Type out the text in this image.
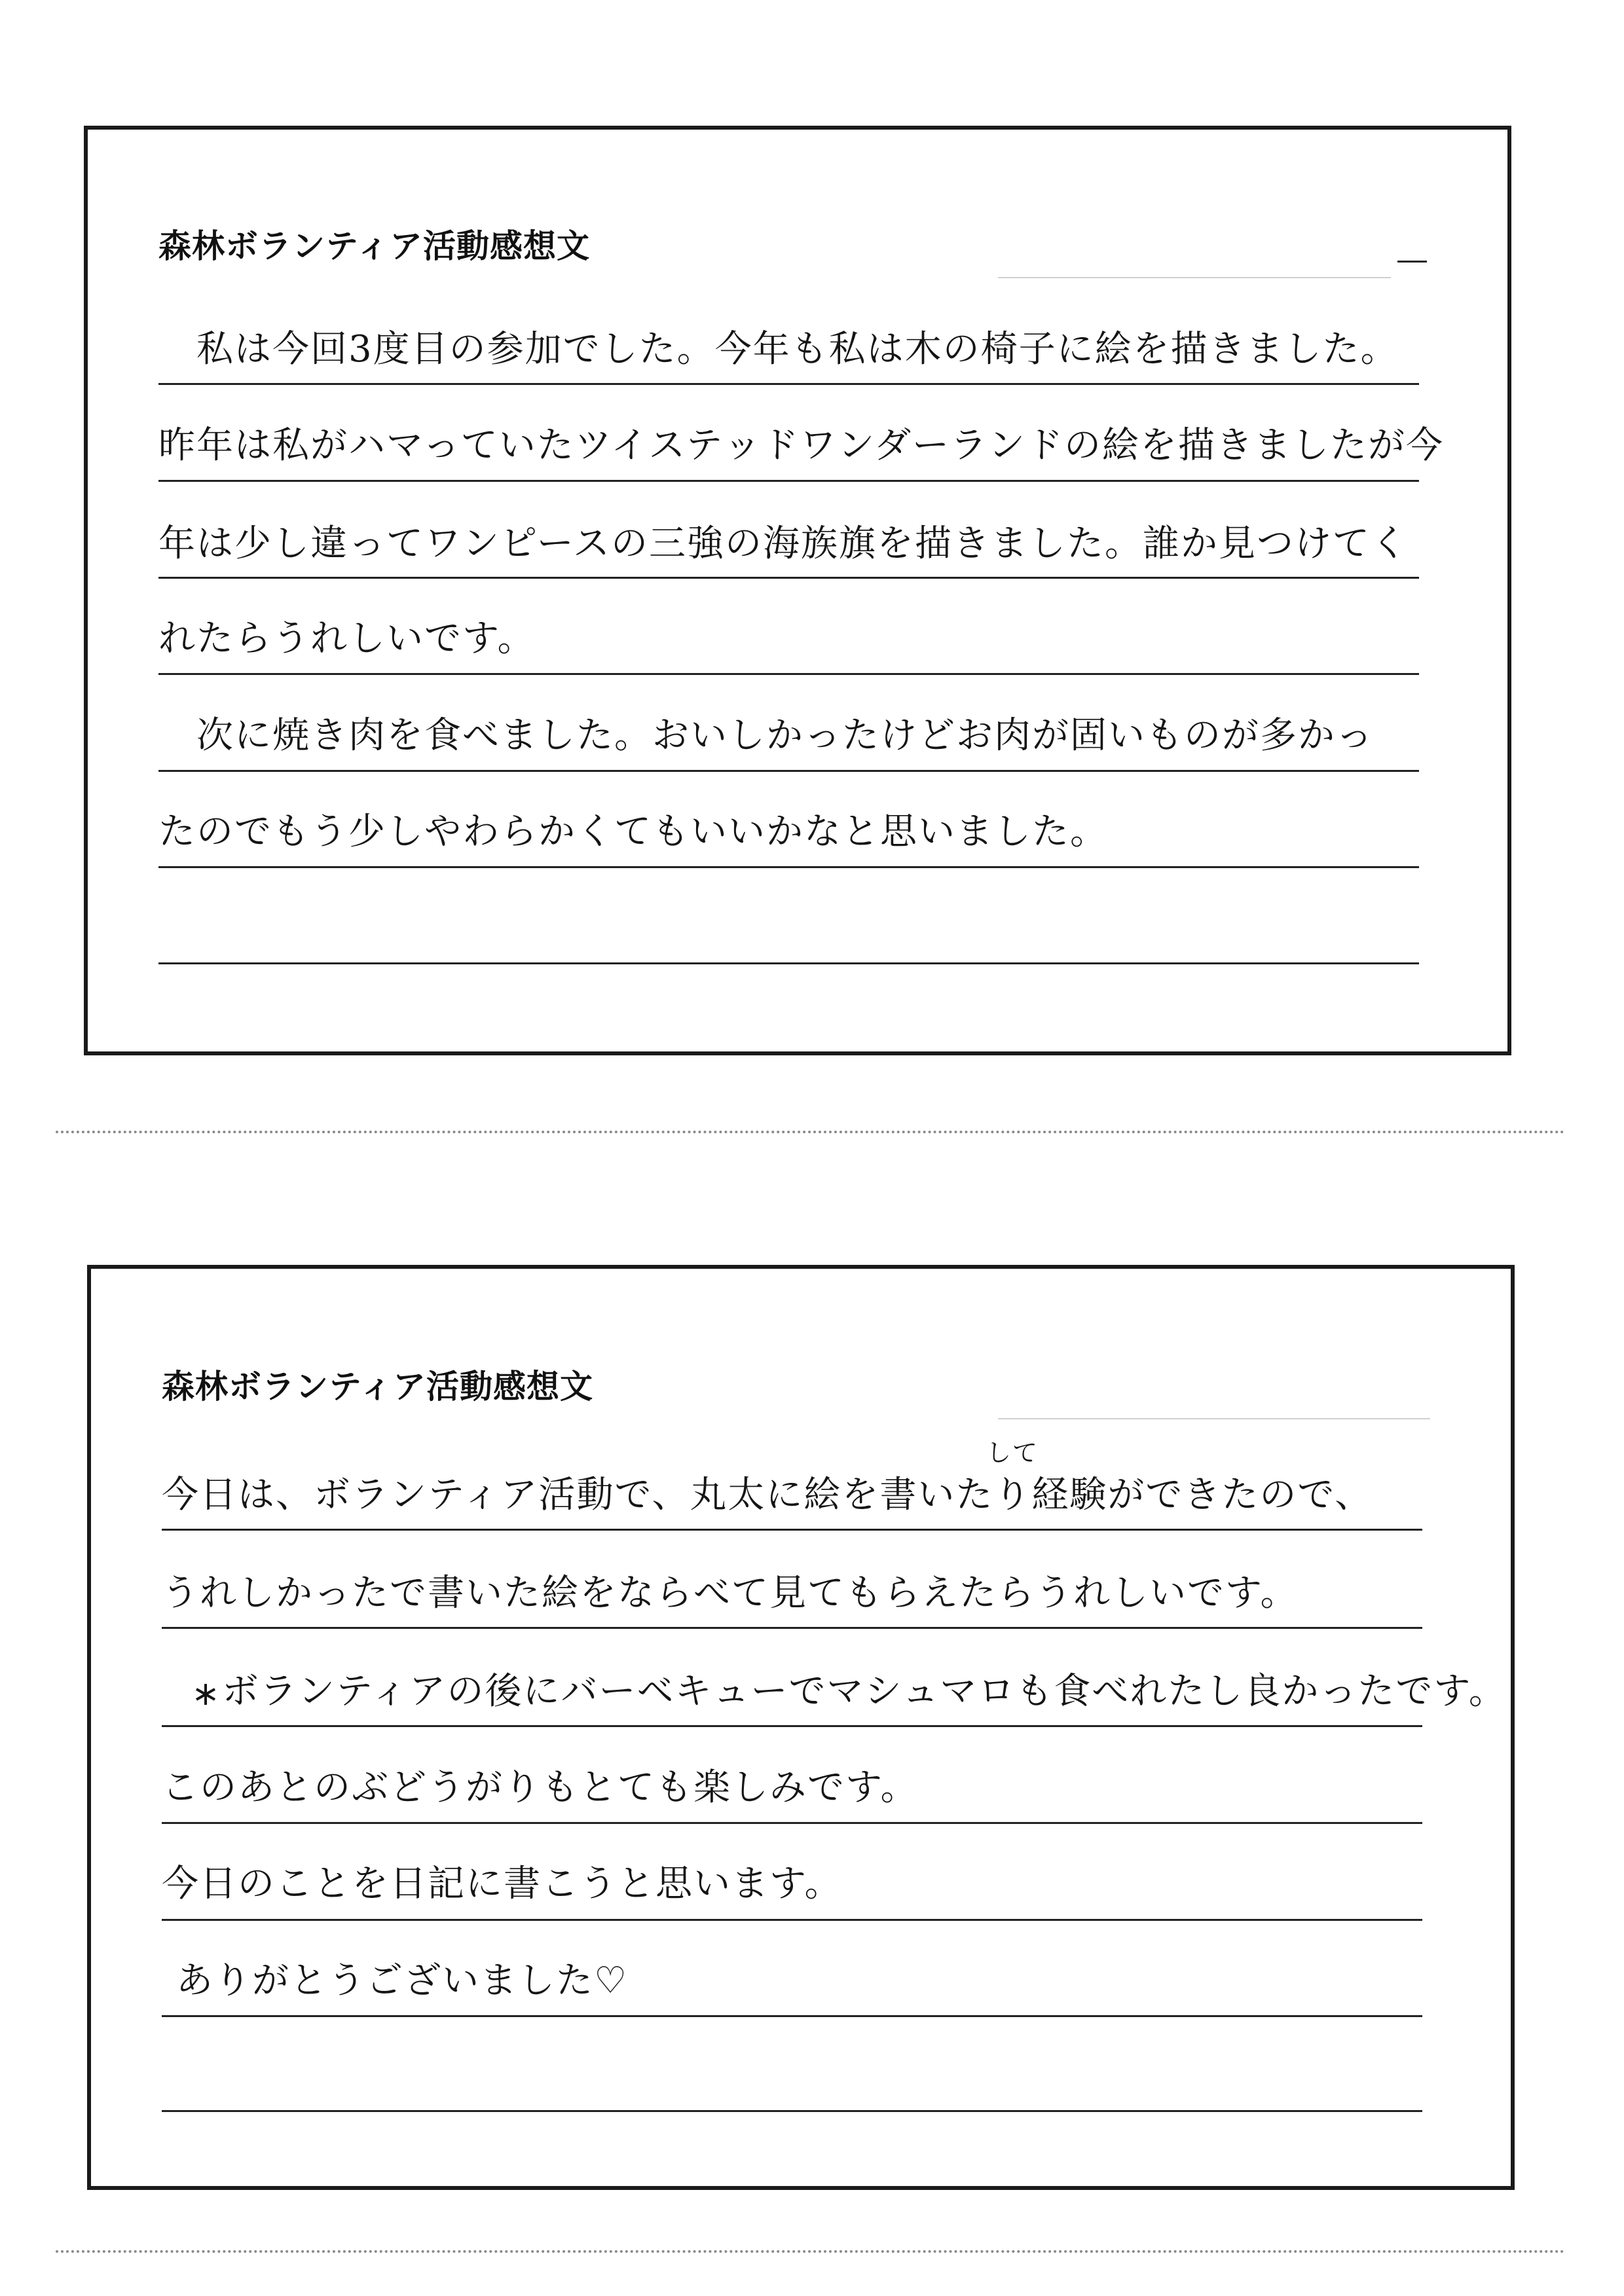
森林ボランティア活動感想文
　私は今回3度目の参加でした。今年も私は木の椅子に絵を描きました。
昨年は私がハマっていたツイステッドワンダーランドの絵を描きましたが今
年は少し違ってワンピースの三強の海族旗を描きました。誰か見つけてく
れたらうれしいです。
　次に焼き肉を食べました。おいしかったけどお肉が固いものが多かっ
たのでもう少しやわらかくてもいいかなと思いました。
森林ボランティア活動感想文
して
今日は、ボランティア活動で、丸太に絵を書いたり経験ができたので、
うれしかったで書いた絵をならべて見てもらえたらうれしいです。
ボランティアの後にバーベキューでマシュマロも食べれたし良かったです。
このあとのぶどうがりもとても楽しみです。
今日のことを日記に書こうと思います。
ありがとうございました♡
